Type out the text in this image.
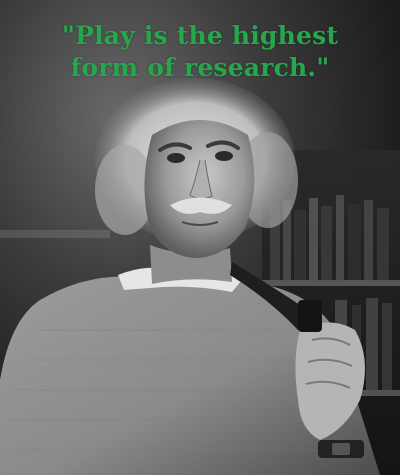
"Play is the highest
form of research."
